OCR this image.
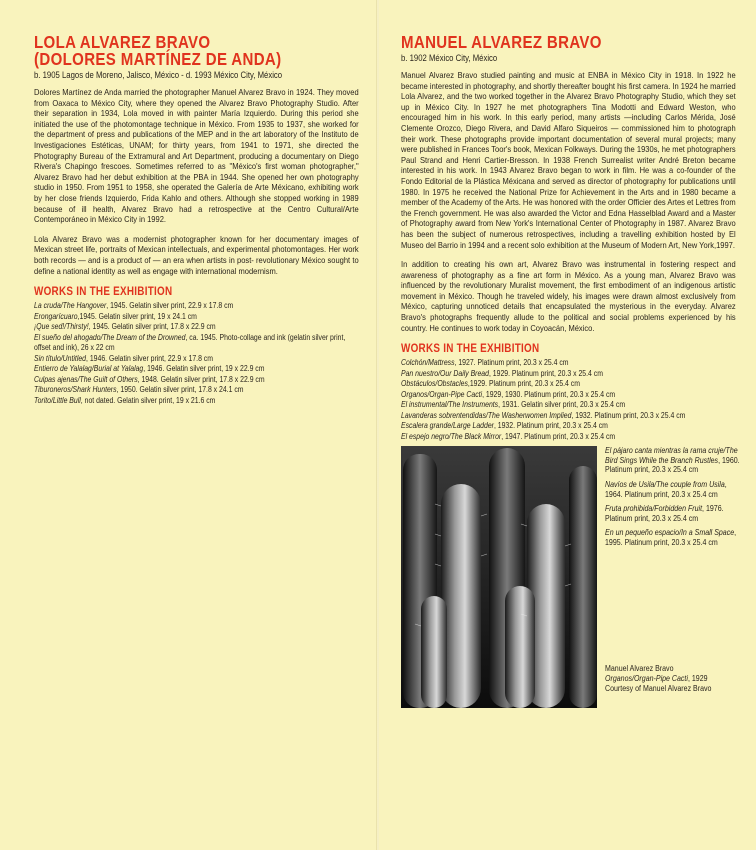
LOLA ALVAREZ BRAVO
(DOLORES MARTÍNEZ DE ANDA)
b. 1905 Lagos de Moreno, Jalisco, México - d. 1993 México City, México

Dolores Martínez de Anda married the photographer Manuel Alvarez Bravo in 1924. They moved from Oaxaca to México City, where they opened the Alvarez Bravo Photography Studio. After their separation in 1934, Lola moved in with painter María Izquierdo. During this period she initiated the use of the photomontage technique in México. From 1935 to 1937, she worked for the department of press and publications of the MEP and in the art laboratory of the Instituto de Investigaciones Estéticas, UNAM; for thirty years, from 1941 to 1971, she directed the Photography Bureau of the Extramural and Art Department, producing a documentary on Diego Rivera's Chapingo frescoes. Sometimes referred to as "México's first woman photographer," Alvarez Bravo had her debut exhibition at the PBA in 1944. She opened her own photography studio in 1950. From 1951 to 1958, she operated the Galería de Arte Méxicano, exhibiting work by her close friends Izquierdo, Frida Kahlo and others. Although she stopped working in 1989 because of ill health, Alvarez Bravo had a retrospective at the Centro Cultural/Arte Contemporáneo in México City in 1992.

Lola Alvarez Bravo was a modernist photographer known for her documentary images of Mexican street life, portraits of Mexican intellectuals, and experimental photomontages. Her work both records — and is a product of — an era when artists in post- revolutionary México sought to define a national identity as well as engage with international modernism.

WORKS IN THE EXHIBITION
La cruda/The Hangover, 1945. Gelatin silver print, 22.9 x 17.8 cm
Erongarícuaro,1945. Gelatin silver print, 19 x 24.1 cm
¡Que sed!/Thirsty!, 1945. Gelatin silver print, 17.8 x 22.9 cm
El sueño del ahogado/The Dream of the Drowned, ca. 1945. Photo-collage and ink (gelatin silver print, offset and ink), 26 x 22 cm
Sin título/Untitled, 1946. Gelatin silver print, 22.9 x 17.8 cm
Entierro de Yalalag/Burial at Yalalag, 1946. Gelatin silver print, 19 x 22.9 cm
Culpas ajenas/The Guilt of Others, 1948. Gelatin silver print, 17.8 x 22.9 cm
Tiburoneros/Shark Hunters, 1950. Gelatin silver print, 17.8 x 24.1 cm
Torito/Little Bull, not dated. Gelatin silver print, 19 x 21.6 cm
MANUEL ALVAREZ BRAVO
b. 1902 México City, México

Manuel Alvarez Bravo studied painting and music at ENBA in México City in 1918. In 1922 he became interested in photography, and shortly thereafter bought his first camera. In 1924 he married Lola Alvarez, and the two worked together in the Alvarez Bravo Photography Studio, which they set up in México City. In 1927 he met photographers Tina Modotti and Edward Weston, who encouraged him in his work. In this early period, many artists —including Carlos Mérida, José Clemente Orozco, Diego Rivera, and David Alfaro Siqueiros — commissioned him to photograph their work. These photographs provide important documentation of several mural projects; many were published in Frances Toor's book, Mexican Folkways. During the 1930s, he met photographers Paul Strand and Henri Cartier-Bresson. In 1938 French Surrealist writer André Breton became interested in his work. In 1943 Alvarez Bravo began to work in film. He was a co-founder of the Fondo Editorial de la Plástica Méxicana and served as director of photography for publications until 1980. In 1975 he received the National Prize for Achievement in the Arts and in 1980 became a member of the Academy of the Arts. He was honored with the order Officier des Artes et Lettres from the French government. He was also awarded the Victor and Edna Hasselblad Award and a Master of Photography award from New York's International Center of Photography in 1987. Alvarez Bravo has been the subject of numerous retrospectives, including a travelling exhibition hosted by El Museo del Barrio in 1994 and a recent solo exhibition at the Museum of Modern Art, New York,1997.

In addition to creating his own art, Alvarez Bravo was instrumental in fostering respect and awareness of photography as a fine art form in México. As a young man, Alvarez Bravo was influenced by the revolutionary Muralist movement, the first embodiment of an indigenous artistic movement in México. Though he traveled widely, his images were drawn almost exclusively from México, capturing unnoticed details that encapsulated the mysterious in the everyday. Alvarez Bravo's photographs frequently allude to the political and social problems experienced by his country. He continues to work today in Coyoacán, México.

WORKS IN THE EXHIBITION
Colchón/Mattress, 1927. Platinum print, 20.3 x 25.4 cm
Pan nuestro/Our Daily Bread, 1929. Platinum print, 20.3 x 25.4 cm
Obstáculos/Obstacles,1929. Platinum print, 20.3 x 25.4 cm
Organos/Organ-Pipe Cacti, 1929, 1930. Platinum print, 20.3 x 25.4 cm
El instrumental/The Instruments, 1931. Gelatin silver print, 20.3 x 25.4 cm
Lavanderas sobrentendidas/The Washerwomen Implied, 1932. Platinum print, 20.3 x 25.4 cm
Escalera grande/Large Ladder, 1932. Platinum print, 20.3 x 25.4 cm
El espejo negro/The Black Mirror, 1947. Platinum print, 20.3 x 25.4 cm
El pájaro canta mientras la rama cruje/The Bird Sings While the Branch Rustles, 1960. Platinum print, 20.3 x 25.4 cm
Navíos de Usila/The couple from Usila, 1964. Platinum print, 20.3 x 25.4 cm
Fruta prohibida/Forbidden Fruit, 1976. Platinum print, 20.3 x 25.4 cm
En un pequeño espacio/In a Small Space, 1995. Platinum print, 20.3 x 25.4 cm
Manuel Alvarez Bravo
Organos/Organ-Pipe Cacti, 1929
Courtesy of Manuel Alvarez Bravo
